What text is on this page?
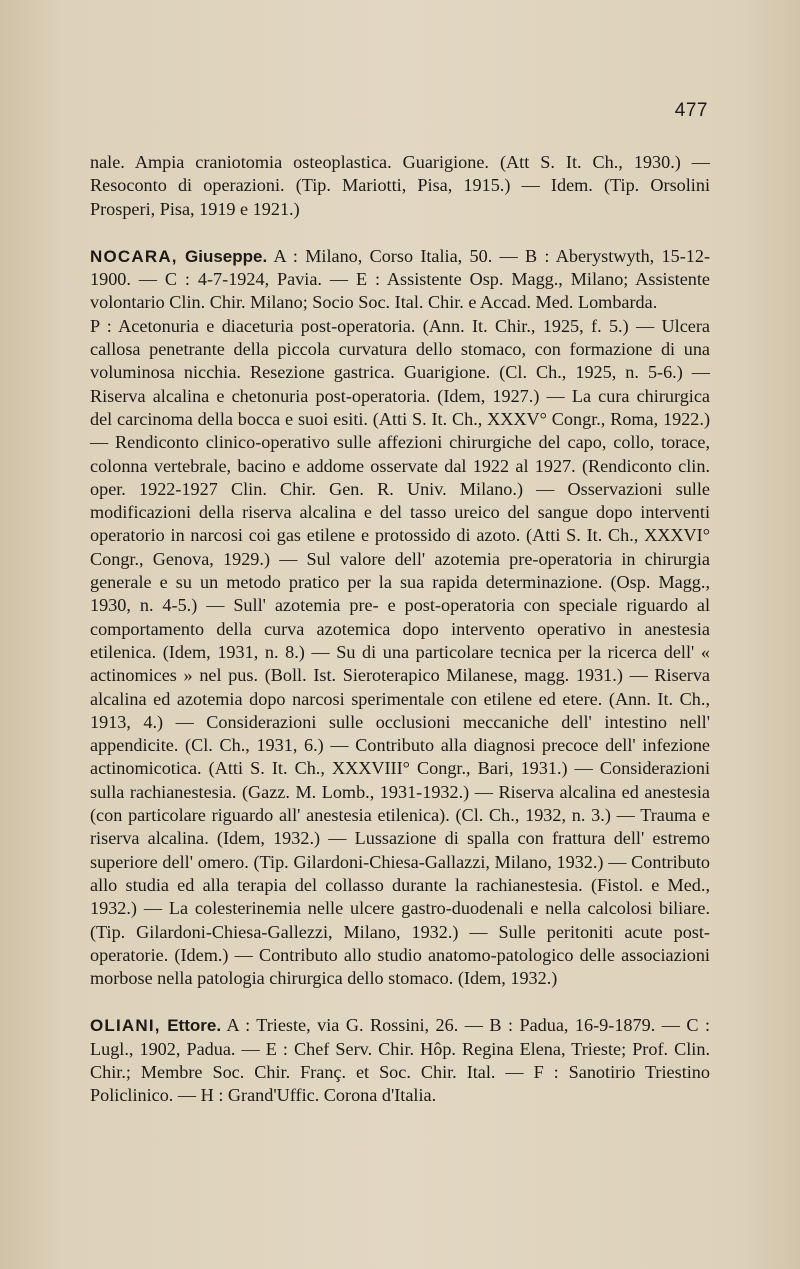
477

nale. Ampia craniotomia osteoplastica. Guarigione. (Att S. It. Ch., 1930.) — Resoconto di operazioni. (Tip. Mariotti, Pisa, 1915.) — Idem. (Tip. Orsolini Prosperi, Pisa, 1919 e 1921.)

NOCARA, Giuseppe. A : Milano, Corso Italia, 50. — B : Aberystwyth, 15-12-1900. — C : 4-7-1924, Pavia. — E : Assistente Osp. Magg., Milano; Assistente volontario Clin. Chir. Milano; Socio Soc. Ital. Chir. e Accad. Med. Lombarda.

P : Acetonuria e diaceturia post-operatoria. (Ann. It. Chir., 1925, f. 5.) — Ulcera callosa penetrante della piccola curvatura dello stomaco, con formazione di una voluminosa nicchia. Resezione gastrica. Guarigione. (Cl. Ch., 1925, n. 5-6.) — Riserva alcalina e chetonuria post-operatoria. (Idem, 1927.) — La cura chirurgica del carcinoma della bocca e suoi esiti. (Atti S. It. Ch., XXXV° Congr., Roma, 1922.) — Rendiconto clinico-operativo sulle affezioni chirurgiche del capo, collo, torace, colonna vertebrale, bacino e addome osservate dal 1922 al 1927. (Rendiconto clin. oper. 1922-1927 Clin. Chir. Gen. R. Univ. Milano.) — Osservazioni sulle modificazioni della riserva alcalina e del tasso ureico del sangue dopo interventi operatorio in narcosi coi gas etilene e protossido di azoto. (Atti S. It. Ch., XXXVI° Congr., Genova, 1929.) — Sul valore dell' azotemia pre-operatoria in chirurgia generale e su un metodo pratico per la sua rapida determinazione. (Osp. Magg., 1930, n. 4-5.) — Sull' azotemia pre- e post-operatoria con speciale riguardo al comportamento della curva azotemica dopo intervento operativo in anestesia etilenica. (Idem, 1931, n. 8.) — Su di una particolare tecnica per la ricerca dell' « actinomices » nel pus. (Boll. Ist. Sieroterapico Milanese, magg. 1931.) — Riserva alcalina ed azotemia dopo narcosi sperimentale con etilene ed etere. (Ann. It. Ch., 1913, 4.) — Considerazioni sulle occlusioni meccaniche dell' intestino nell' appendicite. (Cl. Ch., 1931, 6.) — Contributo alla diagnosi precoce dell' infezione actinomicotica. (Atti S. It. Ch., XXXVIII° Congr., Bari, 1931.) — Considerazioni sulla rachianestesia. (Gazz. M. Lomb., 1931-1932.) — Riserva alcalina ed anestesia (con particolare riguardo all' anestesia etilenica). (Cl. Ch., 1932, n. 3.) — Trauma e riserva alcalina. (Idem, 1932.) — Lussazione di spalla con frattura dell' estremo superiore dell' omero. (Tip. Gilardoni-Chiesa-Gallazzi, Milano, 1932.) — Contributo allo studia ed alla terapia del collasso durante la rachianestesia. (Fistol. e Med., 1932.) — La colesterinemia nelle ulcere gastro-duodenali e nella calcolosi biliare. (Tip. Gilardoni-Chiesa-Gallezzi, Milano, 1932.) — Sulle peritoniti acute post-operatorie. (Idem.) — Contributo allo studio anatomo-patologico delle associazioni morbose nella patologia chirurgica dello stomaco. (Idem, 1932.)

OLIANI, Ettore. A : Trieste, via G. Rossini, 26. — B : Padua, 16-9-1879. — C : Lugl., 1902, Padua. — E : Chef Serv. Chir. Hôp. Regina Elena, Trieste; Prof. Clin. Chir.; Membre Soc. Chir. Franç. et Soc. Chir. Ital. — F : Sanotirio Triestino Policlinico. — H : Grand'Uffic. Corona d'Italia.
